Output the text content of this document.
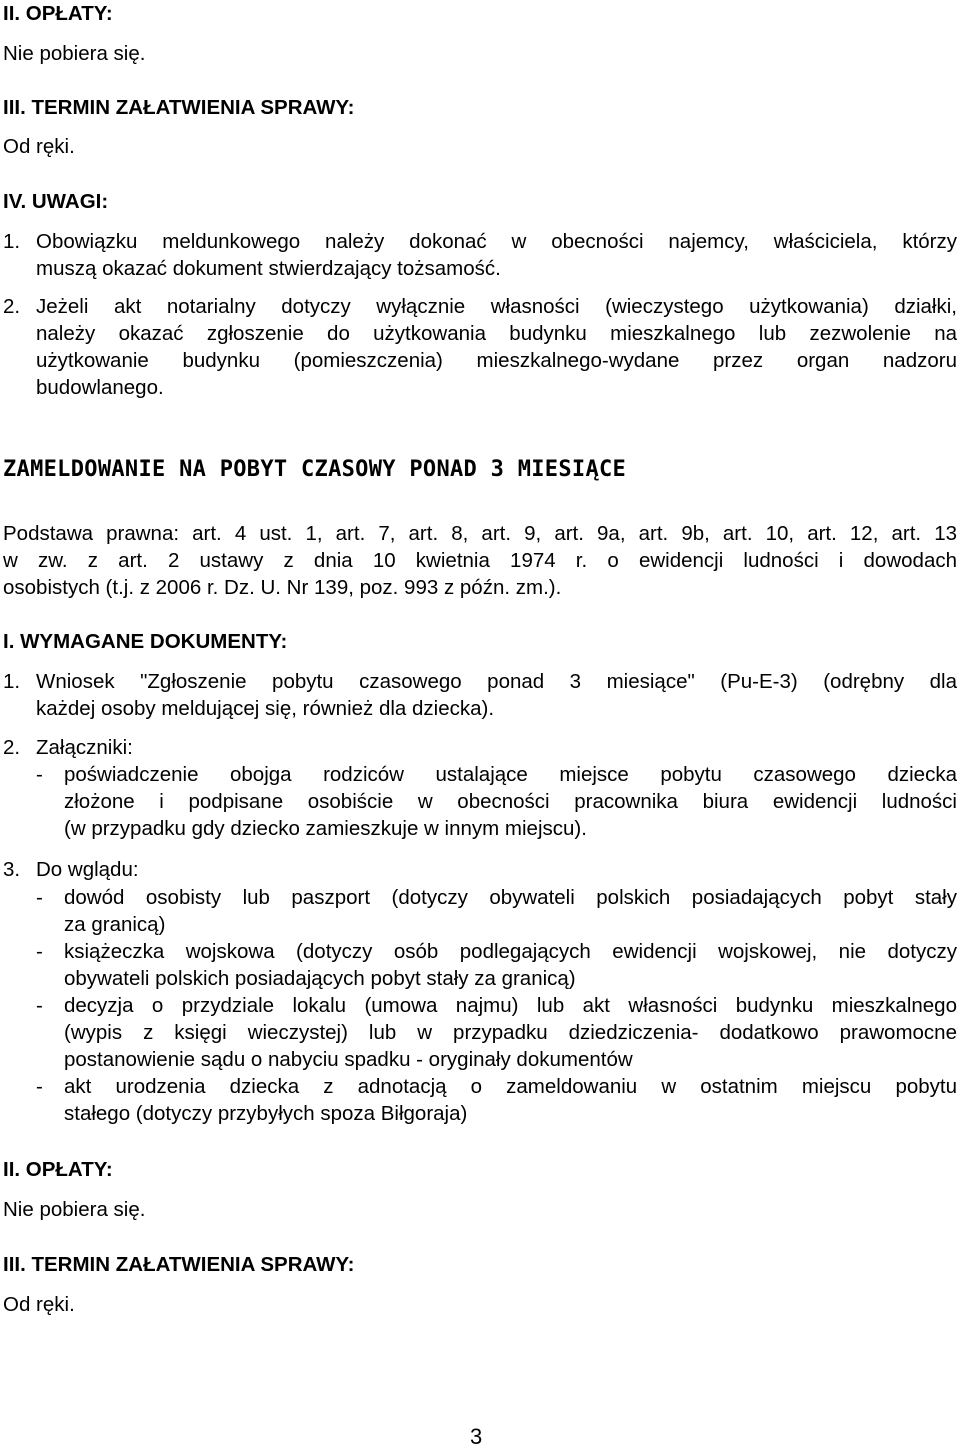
II. OPŁATY:
Nie pobiera się.
III. TERMIN ZAŁATWIENIA SPRAWY:
Od ręki.
IV. UWAGI:
1. Obowiązku meldunkowego należy dokonać w obecności najemcy, właściciela, którzy
muszą okazać dokument stwierdzający tożsamość.
2. Jeżeli akt notarialny dotyczy wyłącznie własności (wieczystego użytkowania) działki,
należy okazać zgłoszenie do użytkowania budynku mieszkalnego lub zezwolenie na
użytkowanie budynku (pomieszczenia) mieszkalnego-wydane przez organ nadzoru
budowlanego.
ZAMELDOWANIE NA POBYT CZASOWY PONAD 3 MIESIĄCE
Podstawa prawna: art. 4 ust. 1, art. 7, art. 8, art. 9, art. 9a, art. 9b, art. 10, art. 12, art. 13
w zw. z art. 2 ustawy z dnia 10 kwietnia 1974 r. o ewidencji ludności i dowodach
osobistych (t.j. z 2006 r. Dz. U. Nr 139, poz. 993 z późn. zm.).
I. WYMAGANE DOKUMENTY:
1. Wniosek "Zgłoszenie pobytu czasowego ponad 3 miesiące" (Pu-E-3) (odrębny dla
każdej osoby meldującej się, również dla dziecka).
2. Załączniki:
- poświadczenie obojga rodziców ustalające miejsce pobytu czasowego dziecka
złożone i podpisane osobiście w obecności pracownika biura ewidencji ludności
(w przypadku gdy dziecko zamieszkuje w innym miejscu).
3. Do wglądu:
- dowód osobisty lub paszport (dotyczy obywateli polskich posiadających pobyt stały
za granicą)
- książeczka wojskowa (dotyczy osób podlegających ewidencji wojskowej, nie dotyczy
obywateli polskich posiadających pobyt stały za granicą)
- decyzja o przydziale lokalu (umowa najmu) lub akt własności budynku mieszkalnego
(wypis z księgi wieczystej) lub w przypadku dziedziczenia- dodatkowo prawomocne
postanowienie sądu o nabyciu spadku - oryginały dokumentów
- akt urodzenia dziecka z adnotacją o zameldowaniu w ostatnim miejscu pobytu
stałego (dotyczy przybyłych spoza Biłgoraja)
II. OPŁATY:
Nie pobiera się.
III. TERMIN ZAŁATWIENIA SPRAWY:
Od ręki.
3
